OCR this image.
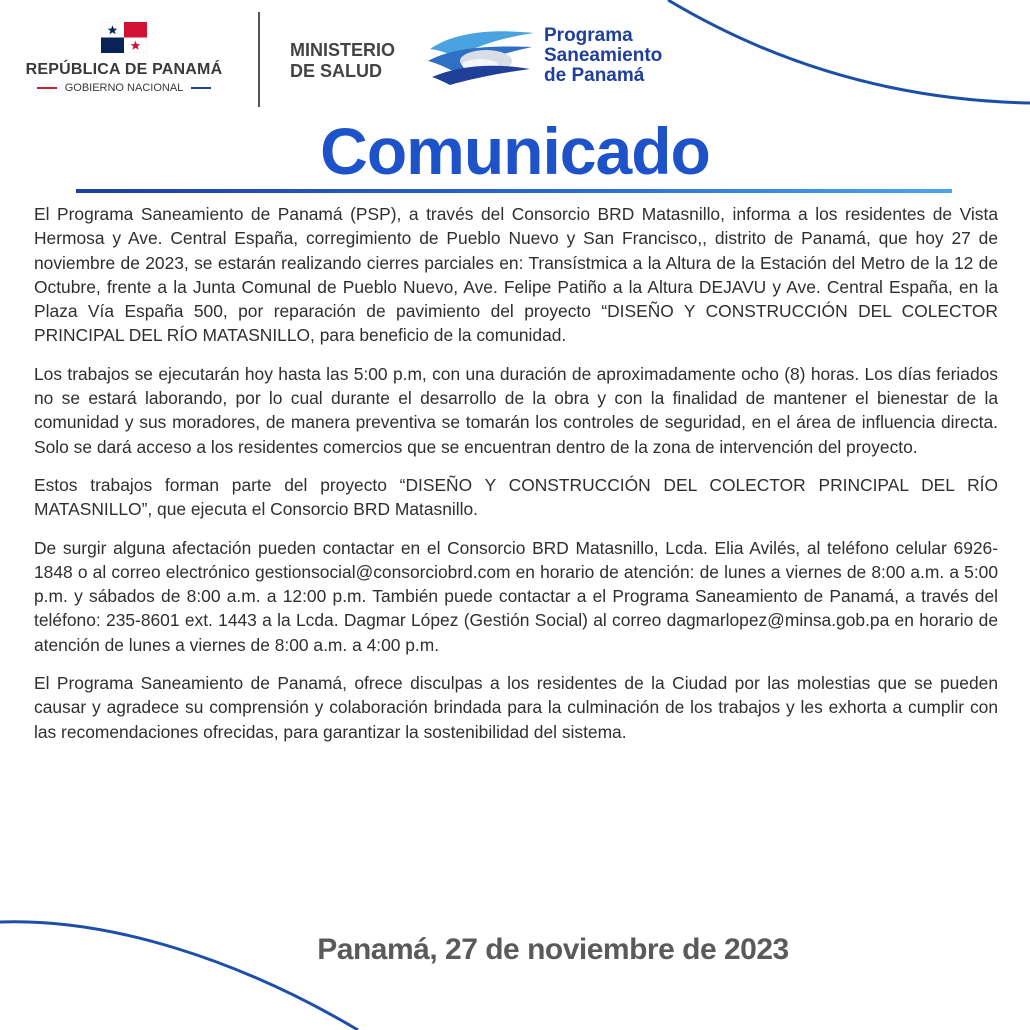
REPÚBLICA DE PANAMÁ
GOBIERNO NACIONAL
MINISTERIO
DE SALUD
Programa
Saneamiento
de Panamá
Comunicado

El Programa Saneamiento de Panamá (PSP), a través del Consorcio BRD Matasnillo, informa a los residentes de Vista Hermosa y Ave. Central España, corregimiento de Pueblo Nuevo y San Francisco,, distrito de Panamá, que hoy 27 de noviembre de 2023, se estarán realizando cierres parciales en: Transístmica a la Altura de la Estación del Metro de la 12 de Octubre, frente a la Junta Comunal de Pueblo Nuevo, Ave. Felipe Patiño a la Altura DEJAVU y Ave. Central España, en la Plaza Vía España 500, por reparación de pavimiento del proyecto “DISEÑO Y CONSTRUCCIÓN DEL COLECTOR PRINCIPAL DEL RÍO MATASNILLO, para beneficio de la comunidad.

Los trabajos se ejecutarán hoy hasta las 5:00 p.m, con una duración de aproximadamente ocho (8) horas. Los días feriados no se estará laborando, por lo cual durante el desarrollo de la obra y con la finalidad de mantener el bienestar de la comunidad y sus moradores, de manera preventiva se tomarán los controles de seguridad, en el área de influencia directa. Solo se dará acceso a los residentes comercios que se encuentran dentro de la zona de intervención del proyecto.

Estos trabajos forman parte del proyecto “DISEÑO Y CONSTRUCCIÓN DEL COLECTOR PRINCIPAL DEL RÍO MATASNILLO”, que ejecuta el Consorcio BRD Matasnillo.

De surgir alguna afectación pueden contactar en el Consorcio BRD Matasnillo, Lcda. Elia Avilés, al teléfono celular 6926-1848 o al correo electrónico gestionsocial@consorciobrd.com en horario de atención: de lunes a viernes de 8:00 a.m. a 5:00 p.m. y sábados de 8:00 a.m. a 12:00 p.m. También puede contactar a el Programa Saneamiento de Panamá, a través del teléfono: 235-8601 ext. 1443 a la Lcda. Dagmar López (Gestión Social) al correo dagmarlopez@minsa.gob.pa en horario de atención de lunes a viernes de 8:00 a.m. a 4:00 p.m.

El Programa Saneamiento de Panamá, ofrece disculpas a los residentes de la Ciudad por las molestias que se pueden causar y agradece su comprensión y colaboración brindada para la culminación de los trabajos y les exhorta a cumplir con las recomendaciones ofrecidas, para garantizar la sostenibilidad del sistema.

Panamá, 27 de noviembre de 2023
